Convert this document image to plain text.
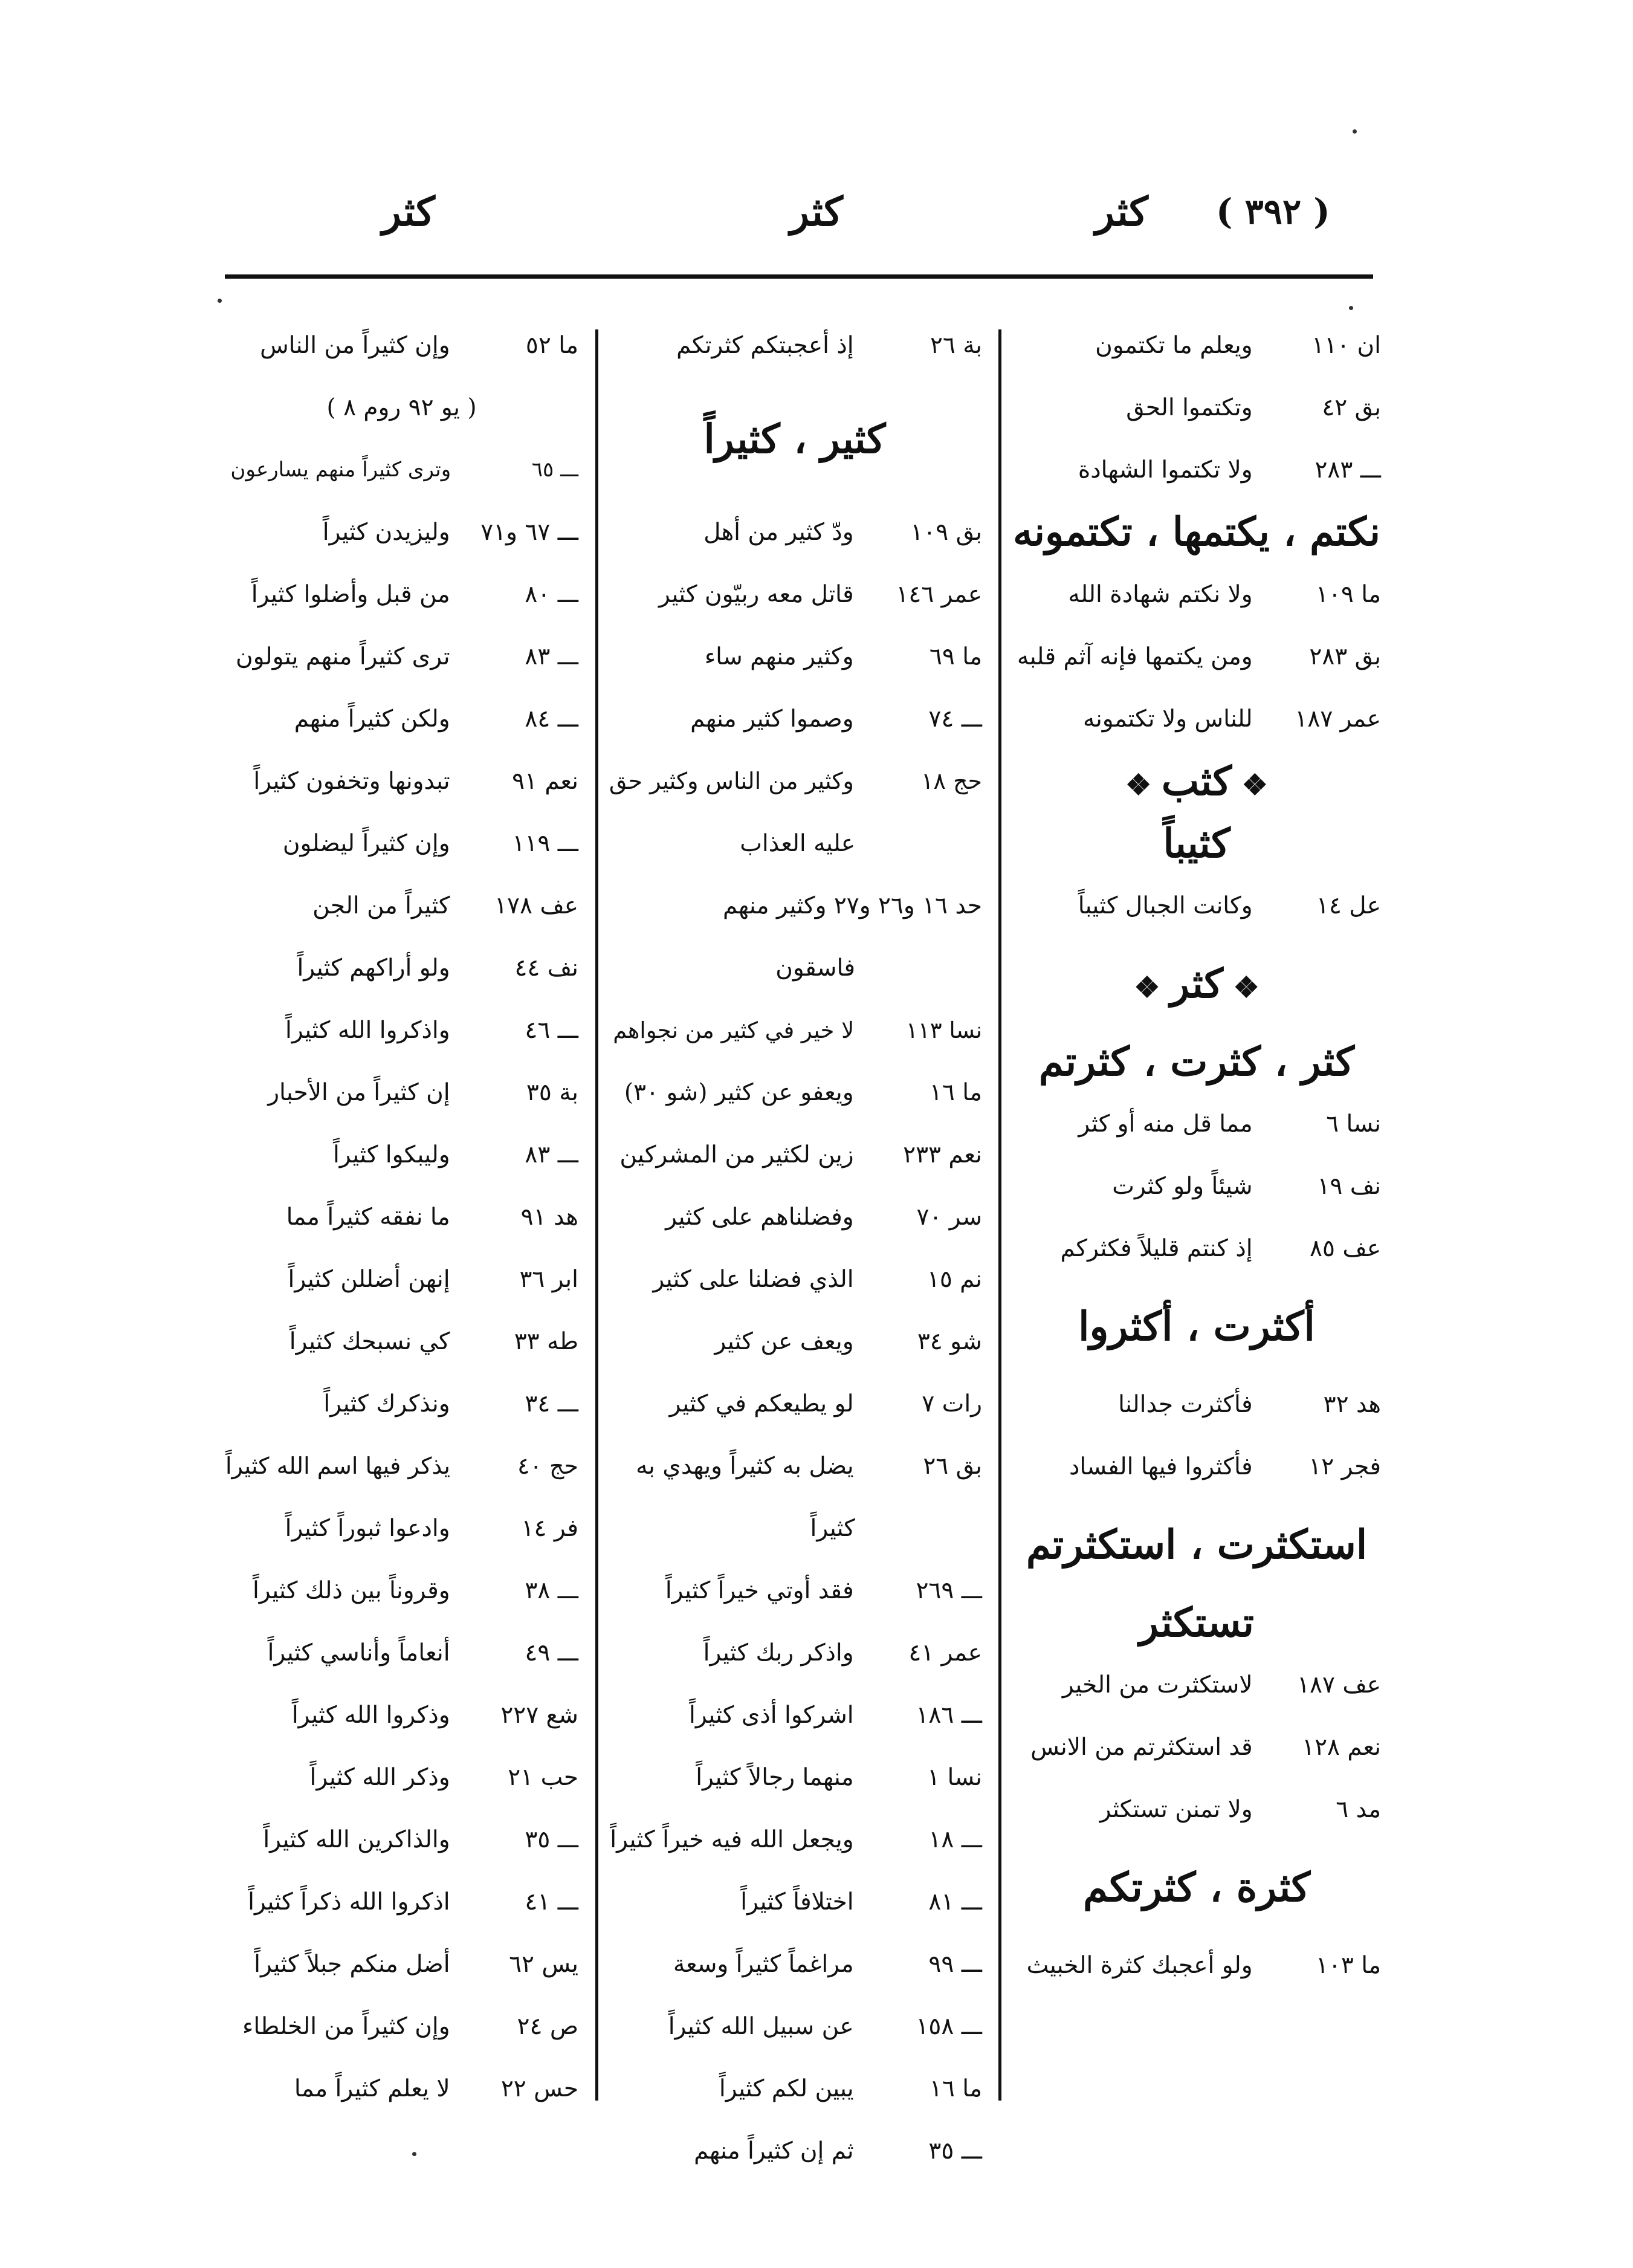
كثر	كثر	كثر ( ٣٩٢ )
ان ١١٠ ويعلم ما تكتمون
بق ٤٢ وتكتموا الحق
ـــ ٢٨٣ ولا تكتموا الشهادة
نكتم ، يكتمها ، تكتمونه
ما ١٠٩ ولا نكتم شهادة الله
بق ٢٨٣ ومن يكتمها فإنه آثم قلبه
عمر ١٨٧ للناس ولا تكتمونه
❖ كثب ❖
كثيباً
عل ١٤ وكانت الجبال كثيباً
❖ كثر ❖
كثر ، كثرت ، كثرتم
نسا ٦ مما قل منه أو كثر
نف ١٩ شيئاً ولو كثرت
عف ٨٥ إذ كنتم قليلاً فكثركم
أكثرت ، أكثروا
هد ٣٢ فأكثرت جدالنا
فجر ١٢ فأكثروا فيها الفساد
استكثرت ، استكثرتم
تستكثر
عف ١٨٧ لاستكثرت من الخير
نعم ١٢٨ قد استكثرتم من الانس
مد ٦ ولا تمنن تستكثر
كثرة ، كثرتكم
ما ١٠٣ ولو أعجبك كثرة الخبيث
بة ٢٦ إذ أعجبتكم كثرتكم
كثير ، كثيراً
بق ١٠٩ ودّ كثير من أهل
عمر ١٤٦ قاتل معه ربيّون كثير
ما ٦٩ وكثير منهم ساء
ـــ ٧٤ وصموا كثير منهم
حج ١٨ وكثير من الناس وكثير حق
عليه العذاب
حد ١٦ و٢٦ و٢٧ وكثير منهم
فاسقون
نسا ١١٣ لا خير في كثير من نجواهم
ما ١٦ ويعفو عن كثير (شو ٣٠)
نعم ٢٣٣ زين لكثير من المشركين
سر ٧٠ وفضلناهم على كثير
نم ١٥ الذي فضلنا على كثير
شو ٣٤ ويعف عن كثير
رات ٧ لو يطيعكم في كثير
بق ٢٦ يضل به كثيراً ويهدي به
كثيراً
ـــ ٢٦٩ فقد أوتي خيراً كثيراً
عمر ٤١ واذكر ربك كثيراً
ـــ ١٨٦ اشركوا أذى كثيراً
نسا ١ منهما رجالاً كثيراً
ـــ ١٨ ويجعل الله فيه خيراً كثيراً
ـــ ٨١ اختلافاً كثيراً
ـــ ٩٩ مراغماً كثيراً وسعة
ـــ ١٥٨ عن سبيل الله كثيراً
ما ١٦ يبين لكم كثيراً
ـــ ٣٥ ثم إن كثيراً منهم
ما ٥٢ وإن كثيراً من الناس
( يو ٩٢ روم ٨ )
ـــ ٦٥ وترى كثيراً منهم يسارعون
ـــ ٦٧ و٧١ وليزيدن كثيراً
ـــ ٨٠ من قبل وأضلوا كثيراً
ـــ ٨٣ ترى كثيراً منهم يتولون
ـــ ٨٤ ولكن كثيراً منهم
نعم ٩١ تبدونها وتخفون كثيراً
ـــ ١١٩ وإن كثيراً ليضلون
عف ١٧٨ كثيراً من الجن
نف ٤٤ ولو أراكهم كثيراً
ـــ ٤٦ واذكروا الله كثيراً
بة ٣٥ إن كثيراً من الأحبار
ـــ ٨٣ وليبكوا كثيراً
هد ٩١ ما نفقه كثيراً مما
ابر ٣٦ إنهن أضللن كثيراً
طه ٣٣ كي نسبحك كثيراً
ـــ ٣٤ ونذكرك كثيراً
حج ٤٠ يذكر فيها اسم الله كثيراً
فر ١٤ وادعوا ثبوراً كثيراً
ـــ ٣٨ وقروناً بين ذلك كثيراً
ـــ ٤٩ أنعاماً وأناسي كثيراً
شع ٢٢٧ وذكروا الله كثيراً
حب ٢١ وذكر الله كثيراً
ـــ ٣٥ والذاكرين الله كثيراً
ـــ ٤١ اذكروا الله ذكراً كثيراً
يس ٦٢ أضل منكم جبلاً كثيراً
ص ٢٤ وإن كثيراً من الخلطاء
حس ٢٢ لا يعلم كثيراً مما
